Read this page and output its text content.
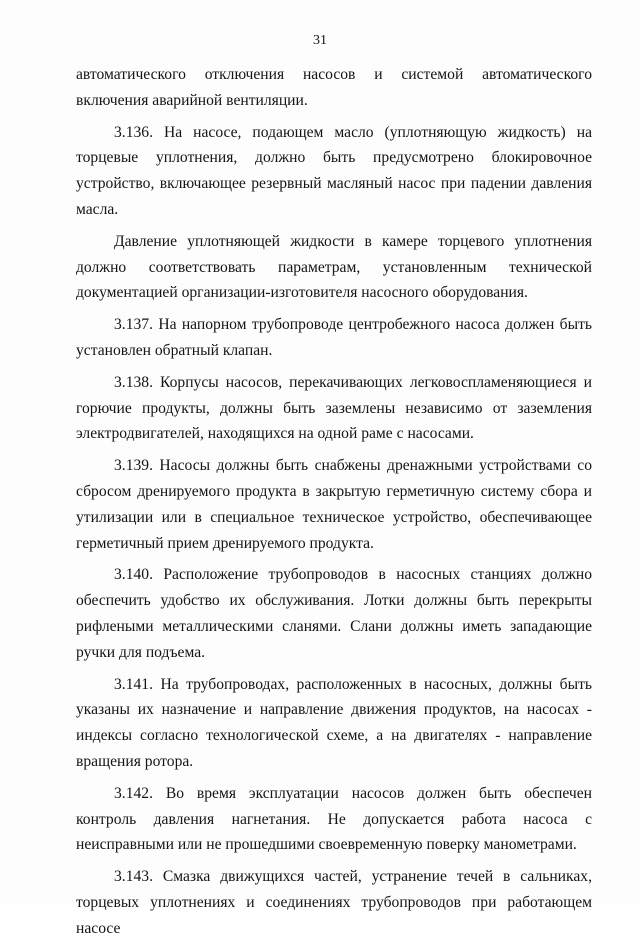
31

автоматического отключения насосов и системой автоматического включения аварийной вентиляции.

3.136. На насосе, подающем масло (уплотняющую жидкость) на торцевые уплотнения, должно быть предусмотрено блокировочное устройство, включающее резервный масляный насос при падении давления масла.

Давление уплотняющей жидкости в камере торцевого уплотнения должно соответствовать параметрам, установленным технической документацией организации-изготовителя насосного оборудования.

3.137. На напорном трубопроводе центробежного насоса должен быть установлен обратный клапан.

3.138. Корпусы насосов, перекачивающих легковоспламеняющиеся и горючие продукты, должны быть заземлены независимо от заземления электродвигателей, находящихся на одной раме с насосами.

3.139. Насосы должны быть снабжены дренажными устройствами со сбросом дренируемого продукта в закрытую герметичную систему сбора и утилизации или в специальное техническое устройство, обеспечивающее герметичный прием дренируемого продукта.

3.140. Расположение трубопроводов в насосных станциях должно обеспечить удобство их обслуживания. Лотки должны быть перекрыты рифлеными металлическими сланями. Слани должны иметь западающие ручки для подъема.

3.141. На трубопроводах, расположенных в насосных, должны быть указаны их назначение и направление движения продуктов, на насосах - индексы согласно технологической схеме, а на двигателях - направление вращения ротора.

3.142. Во время эксплуатации насосов должен быть обеспечен контроль давления нагнетания. Не допускается работа насоса с неисправными или не прошедшими своевременную поверку манометрами.

3.143. Смазка движущихся частей, устранение течей в сальниках, торцевых уплотнениях и соединениях трубопроводов при работающем насосе
